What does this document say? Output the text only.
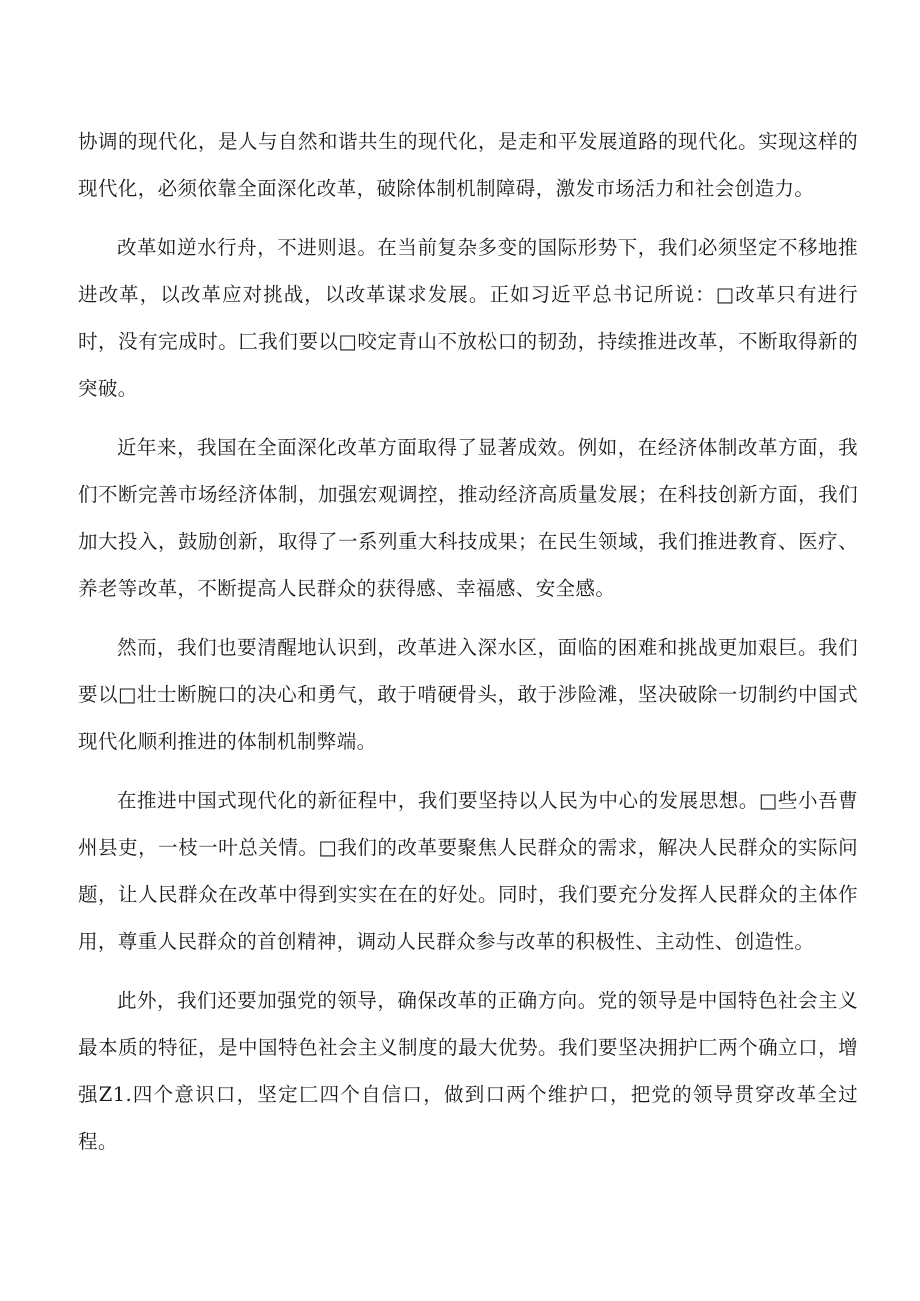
协调的现代化，是人与自然和谐共生的现代化，是走和平发展道路的现代化。实现这样的现代化，必须依靠全面深化改革，破除体制机制障碍，激发市场活力和社会创造力。

改革如逆水行舟，不进则退。在当前复杂多变的国际形势下，我们必须坚定不移地推进改革，以改革应对挑战，以改革谋求发展。正如习近平总书记所说：□改革只有进行时，没有完成时。匚我们要以□咬定青山不放松口的韧劲，持续推进改革，不断取得新的突破。

近年来，我国在全面深化改革方面取得了显著成效。例如，在经济体制改革方面，我们不断完善市场经济体制，加强宏观调控，推动经济高质量发展；在科技创新方面，我们加大投入，鼓励创新，取得了一系列重大科技成果；在民生领域，我们推进教育、医疗、养老等改革，不断提高人民群众的获得感、幸福感、安全感。

然而，我们也要清醒地认识到，改革进入深水区，面临的困难和挑战更加艰巨。我们要以□壮士断腕口的决心和勇气，敢于啃硬骨头，敢于涉险滩，坚决破除一切制约中国式现代化顺利推进的体制机制弊端。

在推进中国式现代化的新征程中，我们要坚持以人民为中心的发展思想。□些小吾曹州县吏，一枝一叶总关情。□我们的改革要聚焦人民群众的需求，解决人民群众的实际问题，让人民群众在改革中得到实实在在的好处。同时，我们要充分发挥人民群众的主体作用，尊重人民群众的首创精神，调动人民群众参与改革的积极性、主动性、创造性。

此外，我们还要加强党的领导，确保改革的正确方向。党的领导是中国特色社会主义最本质的特征，是中国特色社会主义制度的最大优势。我们要坚决拥护匚两个确立口，增强Z1.四个意识口，坚定匚四个自信口，做到口两个维护口，把党的领导贯穿改革全过程。
